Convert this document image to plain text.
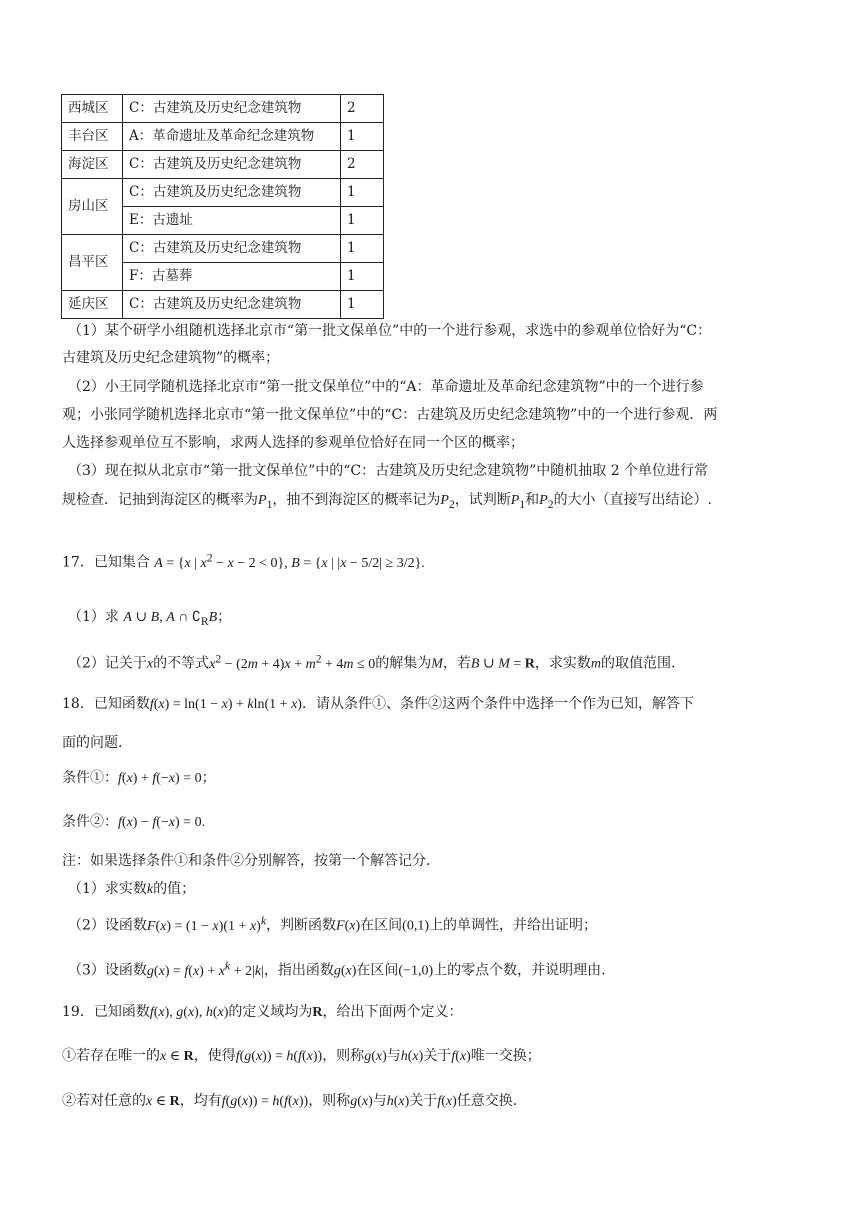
西城区	C：古建筑及历史纪念建筑物	2
丰台区	A：革命遗址及革命纪念建筑物	1
海淀区	C：古建筑及历史纪念建筑物	2
房山区	C：古建筑及历史纪念建筑物	1
	E：古遗址	1
昌平区	C：古建筑及历史纪念建筑物	1
	F：古墓葬	1
延庆区	C：古建筑及历史纪念建筑物	1
（1）某个研学小组随机选择北京市“第一批文保单位”中的一个进行参观，求选中的参观单位恰好为“C：
古建筑及历史纪念建筑物”的概率；
（2）小王同学随机选择北京市“第一批文保单位”中的“A：革命遗址及革命纪念建筑物”中的一个进行参
观；小张同学随机选择北京市“第一批文保单位”中的“C：古建筑及历史纪念建筑物”中的一个进行参观．两
人选择参观单位互不影响，求两人选择的参观单位恰好在同一个区的概率；
（3）现在拟从北京市“第一批文保单位”中的“C：古建筑及历史纪念建筑物”中随机抽取 2 个单位进行常
规检查．记抽到海淀区的概率为$P_1$，抽不到海淀区的概率记为$P_2$，试判断$P_1$和$P_2$的大小（直接写出结论）.
17．已知集合 A = {x | $x^2 - x - 2 < 0$}, B = {x | |x − 5/2| ≥ 3/2}.
（1）求 A ∪ B, A ∩ $∁_RB$；
（2）记关于x的不等式$x^2 - (2m + 4)x + m^2 + 4m \le 0$的解集为M，若B ∪ M = R，求实数m的取值范围.
18．已知函数f(x) = ln(1 − x) + kln(1 + x)．请从条件①、条件②这两个条件中选择一个作为已知，解答下
面的问题.
条件①：f(x) + f(−x) = 0；
条件②：f(x) − f(−x) = 0.
注：如果选择条件①和条件②分别解答，按第一个解答记分.
（1）求实数k的值；
（2）设函数$F(x) = (1 - x)(1 + x)^k$，判断函数F(x)在区间(0,1)上的单调性，并给出证明；
（3）设函数$g(x) = f(x) + x^k + 2|k|$，指出函数g(x)在区间(−1,0)上的零点个数，并说明理由.
19．已知函数f(x), g(x), h(x)的定义域均为R，给出下面两个定义：
①若存在唯一的x ∈ R，使得f(g(x)) = h(f(x))，则称g(x)与h(x)关于f(x)唯一交换；
②若对任意的x ∈ R，均有f(g(x)) = h(f(x))，则称g(x)与h(x)关于f(x)任意交换.
